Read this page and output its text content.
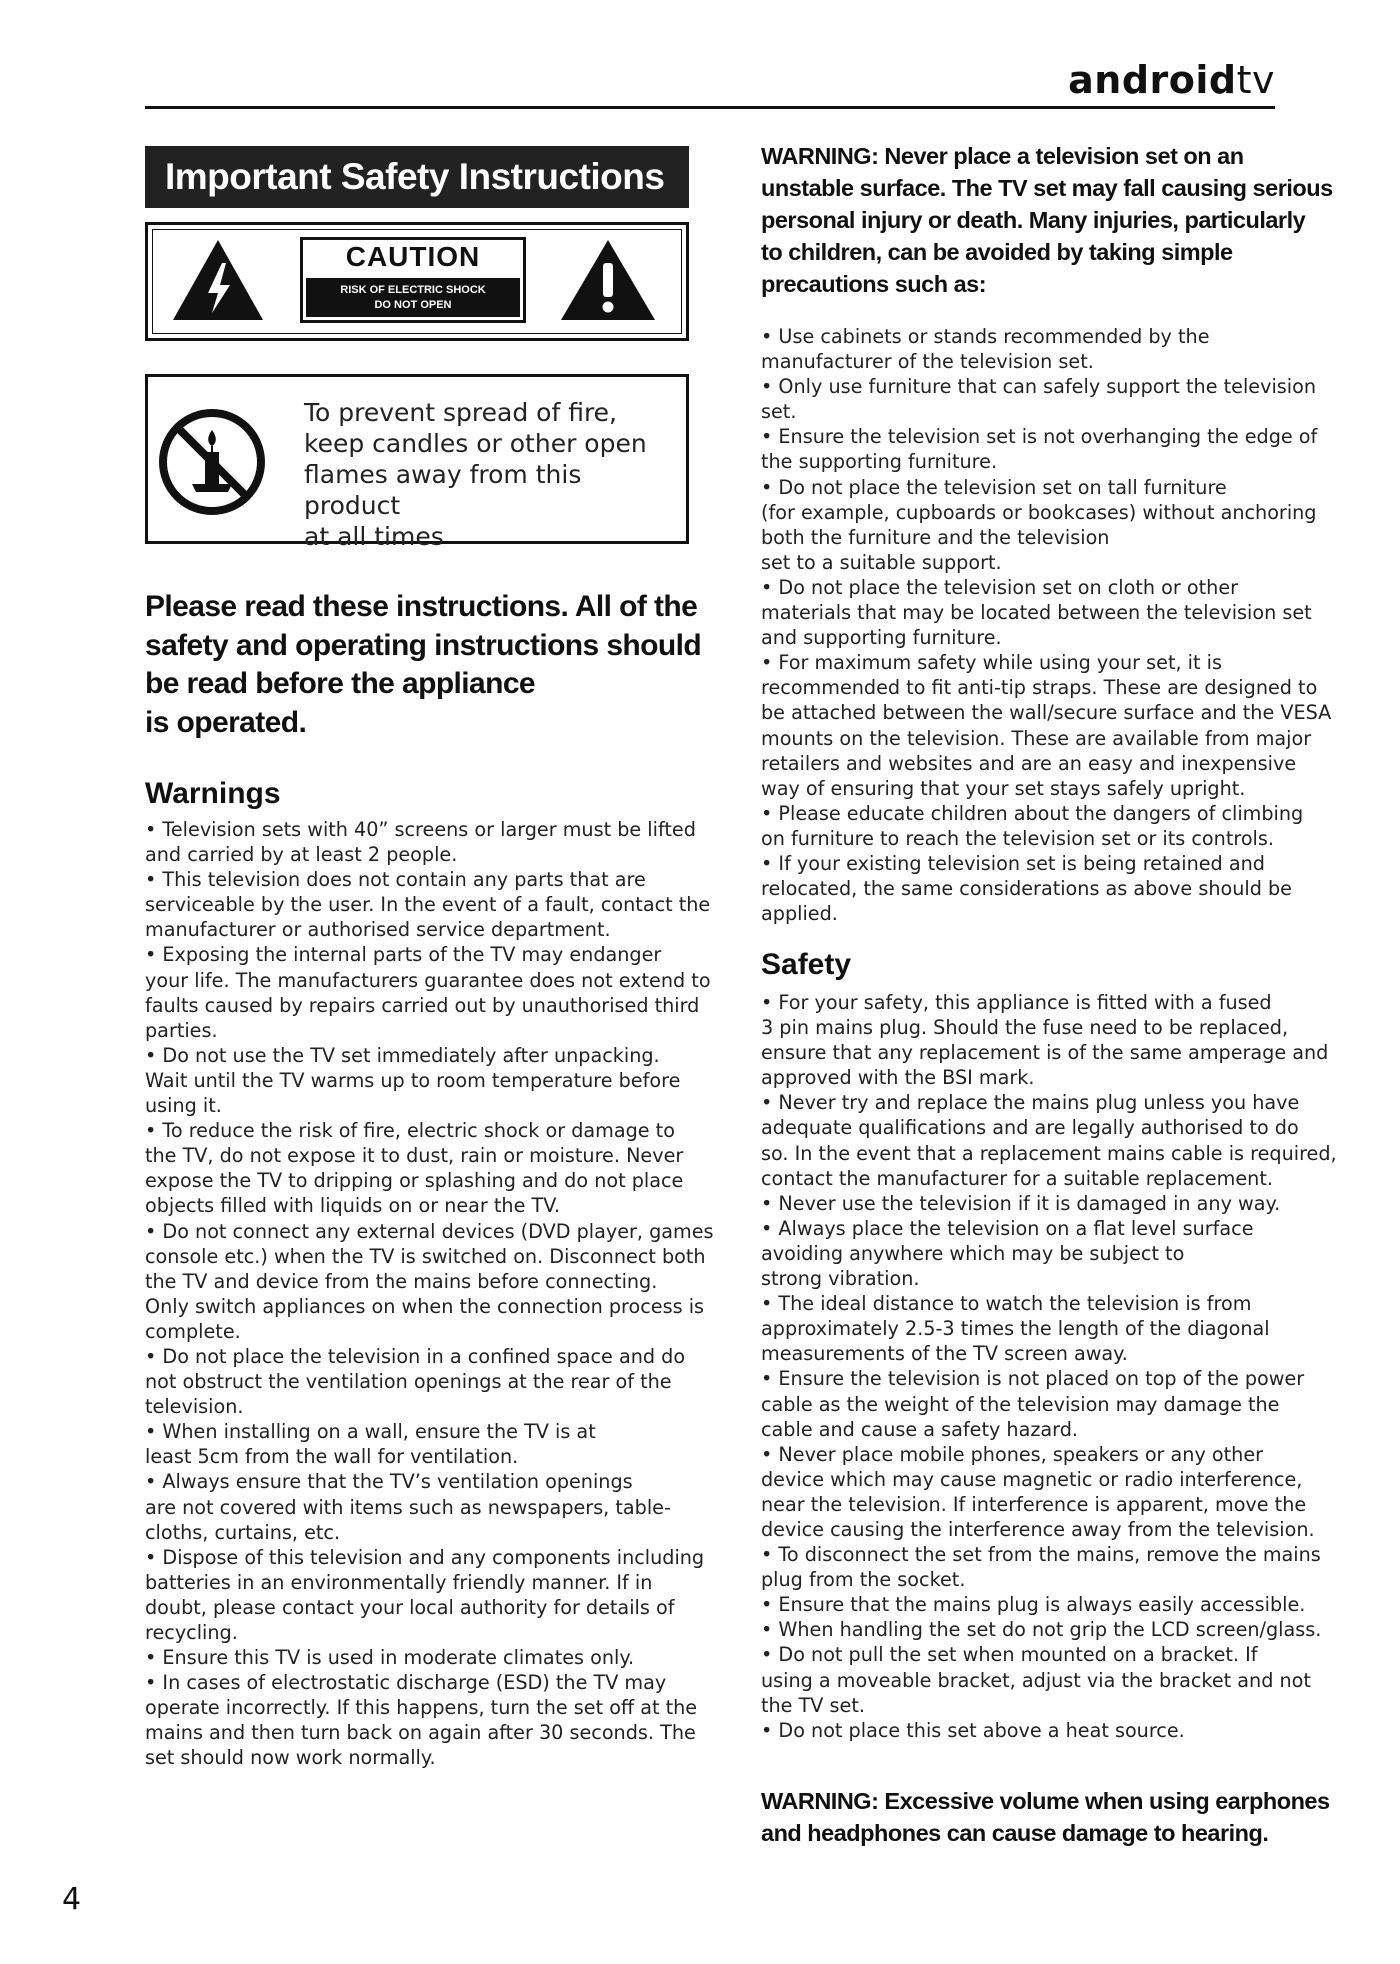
androidtv
Important Safety Instructions
CAUTION
RISK OF ELECTRIC SHOCK
DO NOT OPEN
To prevent spread of fire,
keep candles or other open
flames away from this product
at all times
Please read these instructions. All of the
safety and operating instructions should
be read before the appliance
is operated.
Warnings
• Television sets with 40” screens or larger must be lifted
and carried by at least 2 people.
• This television does not contain any parts that are
serviceable by the user. In the event of a fault, contact the
manufacturer or authorised service department.
• Exposing the internal parts of the TV may endanger
your life. The manufacturers guarantee does not extend to
faults caused by repairs carried out by unauthorised third
parties.
• Do not use the TV set immediately after unpacking.
Wait until the TV warms up to room temperature before
using it.
• To reduce the risk of fire, electric shock or damage to
the TV, do not expose it to dust, rain or moisture. Never
expose the TV to dripping or splashing and do not place
objects filled with liquids on or near the TV.
• Do not connect any external devices (DVD player, games
console etc.) when the TV is switched on. Disconnect both
the TV and device from the mains before connecting.
Only switch appliances on when the connection process is
complete.
• Do not place the television in a confined space and do
not obstruct the ventilation openings at the rear of the
television.
• When installing on a wall, ensure the TV is at
least 5cm from the wall for ventilation.
• Always ensure that the TV’s ventilation openings
are not covered with items such as newspapers, table-
cloths, curtains, etc.
• Dispose of this television and any components including
batteries in an environmentally friendly manner. If in
doubt, please contact your local authority for details of
recycling.
• Ensure this TV is used in moderate climates only.
• In cases of electrostatic discharge (ESD) the TV may
operate incorrectly. If this happens, turn the set off at the
mains and then turn back on again after 30 seconds. The
set should now work normally.
WARNING: Never place a television set on an
unstable surface. The TV set may fall causing serious
personal injury or death. Many injuries, particularly
to children, can be avoided by taking simple
precautions such as:
• Use cabinets or stands recommended by the
manufacturer of the television set.
• Only use furniture that can safely support the television
set.
• Ensure the television set is not overhanging the edge of
the supporting furniture.
• Do not place the television set on tall furniture
(for example, cupboards or bookcases) without anchoring
both the furniture and the television
set to a suitable support.
• Do not place the television set on cloth or other
materials that may be located between the television set
and supporting furniture.
• For maximum safety while using your set, it is
recommended to fit anti-tip straps. These are designed to
be attached between the wall/secure surface and the VESA
mounts on the television. These are available from major
retailers and websites and are an easy and inexpensive
way of ensuring that your set stays safely upright.
• Please educate children about the dangers of climbing
on furniture to reach the television set or its controls.
• If your existing television set is being retained and
relocated, the same considerations as above should be
applied.
Safety
• For your safety, this appliance is fitted with a fused
3 pin mains plug. Should the fuse need to be replaced,
ensure that any replacement is of the same amperage and
approved with the BSI mark.
• Never try and replace the mains plug unless you have
adequate qualifications and are legally authorised to do
so. In the event that a replacement mains cable is required,
contact the manufacturer for a suitable replacement.
• Never use the television if it is damaged in any way.
• Always place the television on a flat level surface
avoiding anywhere which may be subject to
strong vibration.
• The ideal distance to watch the television is from
approximately 2.5-3 times the length of the diagonal
measurements of the TV screen away.
• Ensure the television is not placed on top of the power
cable as the weight of the television may damage the
cable and cause a safety hazard.
• Never place mobile phones, speakers or any other
device which may cause magnetic or radio interference,
near the television. If interference is apparent, move the
device causing the interference away from the television.
• To disconnect the set from the mains, remove the mains
plug from the socket.
• Ensure that the mains plug is always easily accessible.
• When handling the set do not grip the LCD screen/glass.
• Do not pull the set when mounted on a bracket. If
using a moveable bracket, adjust via the bracket and not
the TV set.
• Do not place this set above a heat source.
WARNING: Excessive volume when using earphones
and headphones can cause damage to hearing.
4
